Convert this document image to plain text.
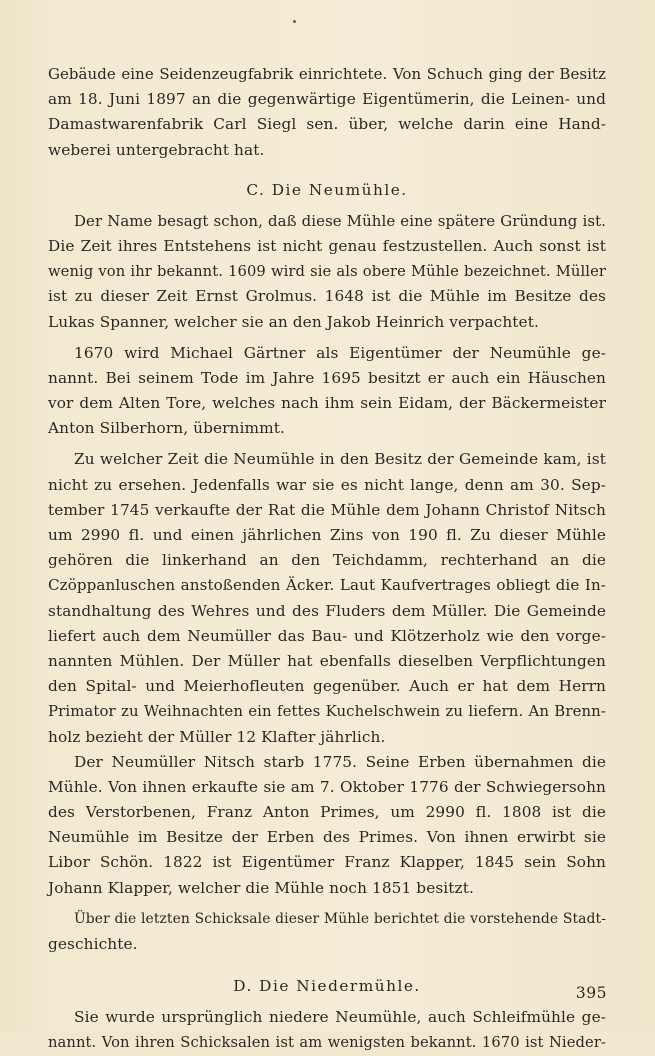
Gebäude eine Seidenzeugfabrik einrichtete. Von Schuch ging der Besitz
am 18. Juni 1897 an die gegenwärtige Eigentümerin, die Leinen- und
Damastwarenfabrik Carl Siegl sen. über, welche darin eine Hand-
weberei untergebracht hat.
C. Die Neumühle.
Der Name besagt schon, daß diese Mühle eine spätere Gründung ist.
Die Zeit ihres Entstehens ist nicht genau festzustellen. Auch sonst ist
wenig von ihr bekannt. 1609 wird sie als obere Mühle bezeichnet. Müller
ist zu dieser Zeit Ernst Grolmus. 1648 ist die Mühle im Besitze des
Lukas Spanner, welcher sie an den Jakob Heinrich verpachtet.
1670 wird Michael Gärtner als Eigentümer der Neumühle ge-
nannt. Bei seinem Tode im Jahre 1695 besitzt er auch ein Häuschen
vor dem Alten Tore, welches nach ihm sein Eidam, der Bäckermeister
Anton Silberhorn, übernimmt.
Zu welcher Zeit die Neumühle in den Besitz der Gemeinde kam, ist
nicht zu ersehen. Jedenfalls war sie es nicht lange, denn am 30. Sep-
tember 1745 verkaufte der Rat die Mühle dem Johann Christof Nitsch
um 2990 fl. und einen jährlichen Zins von 190 fl. Zu dieser Mühle
gehören die linkerhand an den Teichdamm, rechterhand an die
Czöppanluschen anstoßenden Äcker. Laut Kaufvertrages obliegt die In-
standhaltung des Wehres und des Fluders dem Müller. Die Gemeinde
liefert auch dem Neumüller das Bau- und Klötzerholz wie den vorge-
nannten Mühlen. Der Müller hat ebenfalls dieselben Verpflichtungen
den Spital- und Meierhofleuten gegenüber. Auch er hat dem Herrn
Primator zu Weihnachten ein fettes Kuchelschwein zu liefern. An Brenn-
holz bezieht der Müller 12 Klafter jährlich.
Der Neumüller Nitsch starb 1775. Seine Erben übernahmen die
Mühle. Von ihnen erkaufte sie am 7. Oktober 1776 der Schwiegersohn
des Verstorbenen, Franz Anton Primes, um 2990 fl. 1808 ist die
Neumühle im Besitze der Erben des Primes. Von ihnen erwirbt sie
Libor Schön. 1822 ist Eigentümer Franz Klapper, 1845 sein Sohn
Johann Klapper, welcher die Mühle noch 1851 besitzt.
Über die letzten Schicksale dieser Mühle berichtet die vorstehende Stadt-
geschichte.
D. Die Niedermühle.
Sie wurde ursprünglich niedere Neumühle, auch Schleifmühle ge-
nannt. Von ihren Schicksalen ist am wenigsten bekannt. 1670 ist Nieder-
395
